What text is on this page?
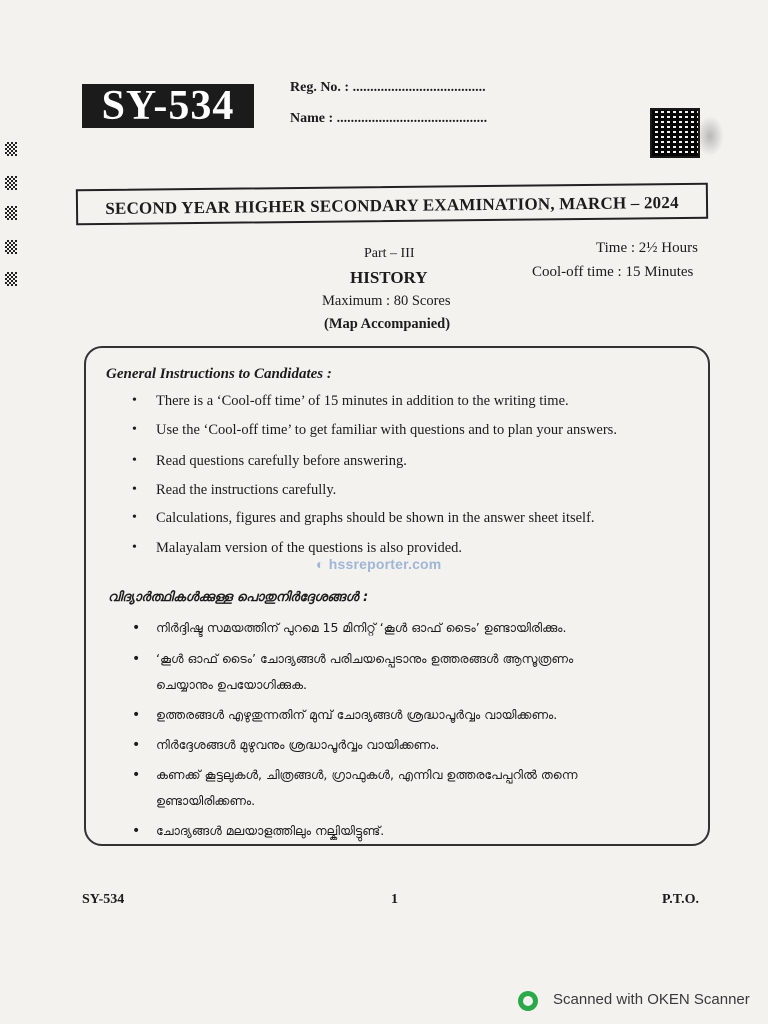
SY-534	Reg. No. : ......................................
Name : ...........................................
SECOND YEAR HIGHER SECONDARY EXAMINATION, MARCH – 2024
Part – III
HISTORY
Maximum : 80 Scores
(Map Accompanied)
Time : 2½ Hours
Cool-off time : 15 Minutes
General Instructions to Candidates :
• There is a ‘Cool-off time’ of 15 minutes in addition to the writing time.
• Use the ‘Cool-off time’ to get familiar with questions and to plan your answers.
• Read questions carefully before answering.
• Read the instructions carefully.
• Calculations, figures and graphs should be shown in the answer sheet itself.
• Malayalam version of the questions is also provided.
◐ hssreporter.com
വിദ്യാർത്ഥികൾക്കുള്ള പൊതുനിർദ്ദേശങ്ങൾ :
• നിർദ്ദിഷ്ട സമയത്തിന് പുറമെ 15 മിനിറ്റ് ‘കൂൾ ഓഫ് ടൈം’ ഉണ്ടായിരിക്കും.
• ‘കൂൾ ഓഫ് ടൈം’ ചോദ്യങ്ങൾ പരിചയപ്പെടാനും ഉത്തരങ്ങൾ ആസൂത്രണം
ചെയ്യാനും ഉപയോഗിക്കുക.
• ഉത്തരങ്ങൾ എഴുതുന്നതിന് മുമ്പ് ചോദ്യങ്ങൾ ശ്രദ്ധാപൂർവ്വം വായിക്കണം.
• നിർദ്ദേശങ്ങൾ മുഴുവനും ശ്രദ്ധാപൂർവ്വം വായിക്കണം.
• കണക്ക് കൂട്ടലുകൾ, ചിത്രങ്ങൾ, ഗ്രാഫുകൾ, എന്നിവ ഉത്തരപേപ്പറിൽ തന്നെ
ഉണ്ടായിരിക്കണം.
• ചോദ്യങ്ങൾ മലയാളത്തിലും നല്കിയിട്ടുണ്ട്.
SY-534	1	P.T.O.
Scanned with OKEN Scanner
